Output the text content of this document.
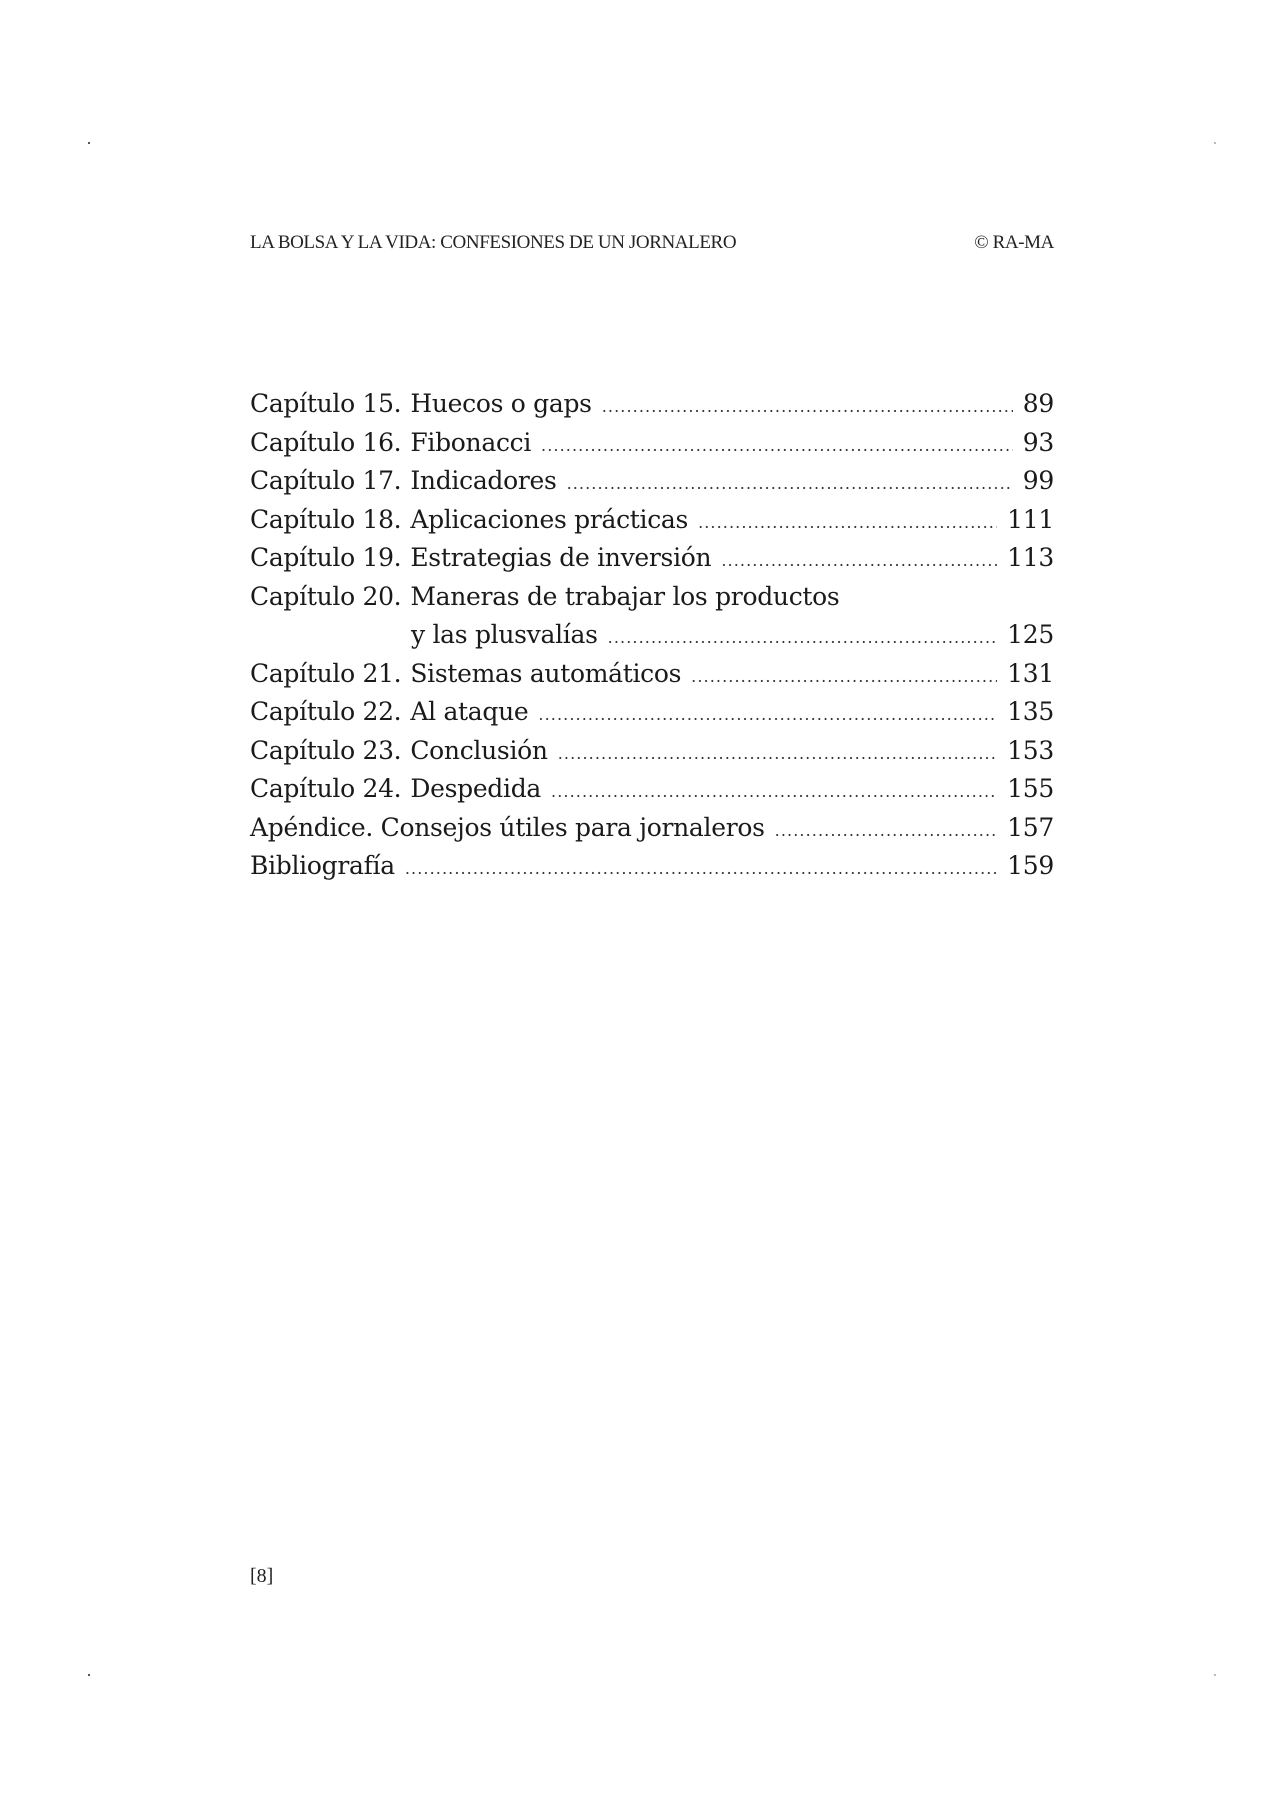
LA BOLSA Y LA VIDA: CONFESIONES DE UN JORNALERO	© RA-MA
Capítulo 15. Huecos o gaps .....	89
Capítulo 16. Fibonacci .....	93
Capítulo 17. Indicadores .....	99
Capítulo 18. Aplicaciones prácticas .....	111
Capítulo 19. Estrategias de inversión .....	113
Capítulo 20. Maneras de trabajar los productos
y las plusvalías .....	125
Capítulo 21. Sistemas automáticos .....	131
Capítulo 22. Al ataque .....	135
Capítulo 23. Conclusión .....	153
Capítulo 24. Despedida .....	155
Apéndice. Consejos útiles para jornaleros .....	157
Bibliografía .....	159
[8]
